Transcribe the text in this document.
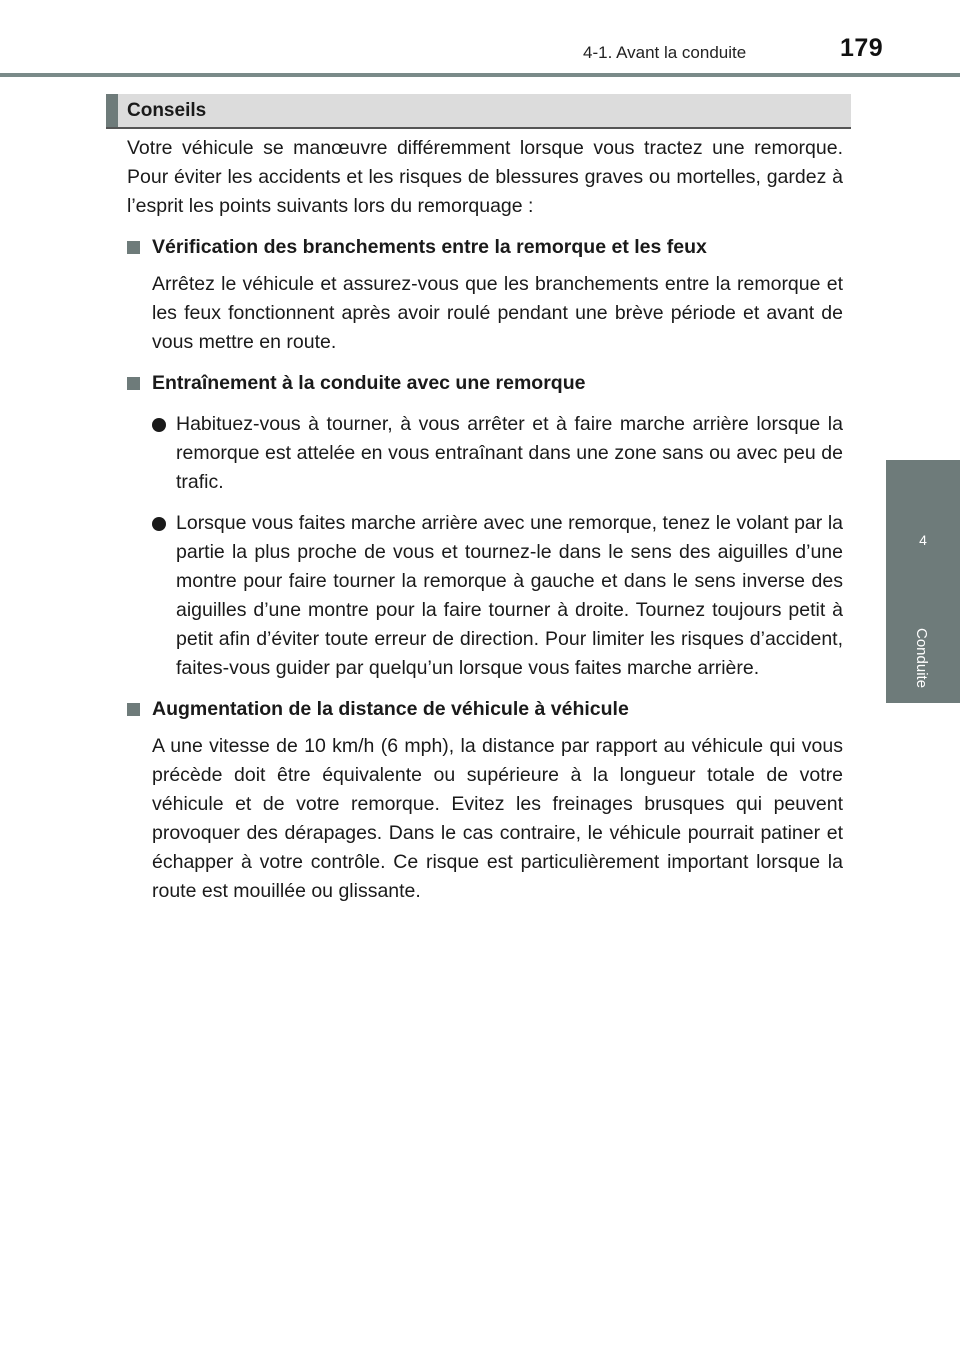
4-1. Avant la conduite	179
4
Conduite
Conseils

Votre véhicule se manœuvre différemment lorsque vous tractez une remorque. Pour éviter les accidents et les risques de blessures graves ou mortelles, gardez à l’esprit les points suivants lors du remorquage :

Vérification des branchements entre la remorque et les feux

Arrêtez le véhicule et assurez-vous que les branchements entre la remorque et les feux fonctionnent après avoir roulé pendant une brève période et avant de vous mettre en route.

Entraînement à la conduite avec une remorque
Habituez-vous à tourner, à vous arrêter et à faire marche arrière lorsque la remorque est attelée en vous entraînant dans une zone sans ou avec peu de trafic.
Lorsque vous faites marche arrière avec une remorque, tenez le volant par la partie la plus proche de vous et tournez-le dans le sens des aiguilles d’une montre pour faire tourner la remorque à gauche et dans le sens inverse des aiguilles d’une montre pour la faire tourner à droite. Tournez toujours petit à petit afin d’éviter toute erreur de direction. Pour limiter les risques d’accident, faites-vous guider par quelqu’un lorsque vous faites marche arrière.
Augmentation de la distance de véhicule à véhicule

A une vitesse de 10 km/h (6 mph), la distance par rapport au véhicule qui vous précède doit être équivalente ou supérieure à la longueur totale de votre véhicule et de votre remorque. Evitez les freinages brusques qui peuvent provoquer des dérapages. Dans le cas contraire, le véhicule pourrait patiner et échapper à votre contrôle. Ce risque est particulièrement important lorsque la route est mouillée ou glissante.
